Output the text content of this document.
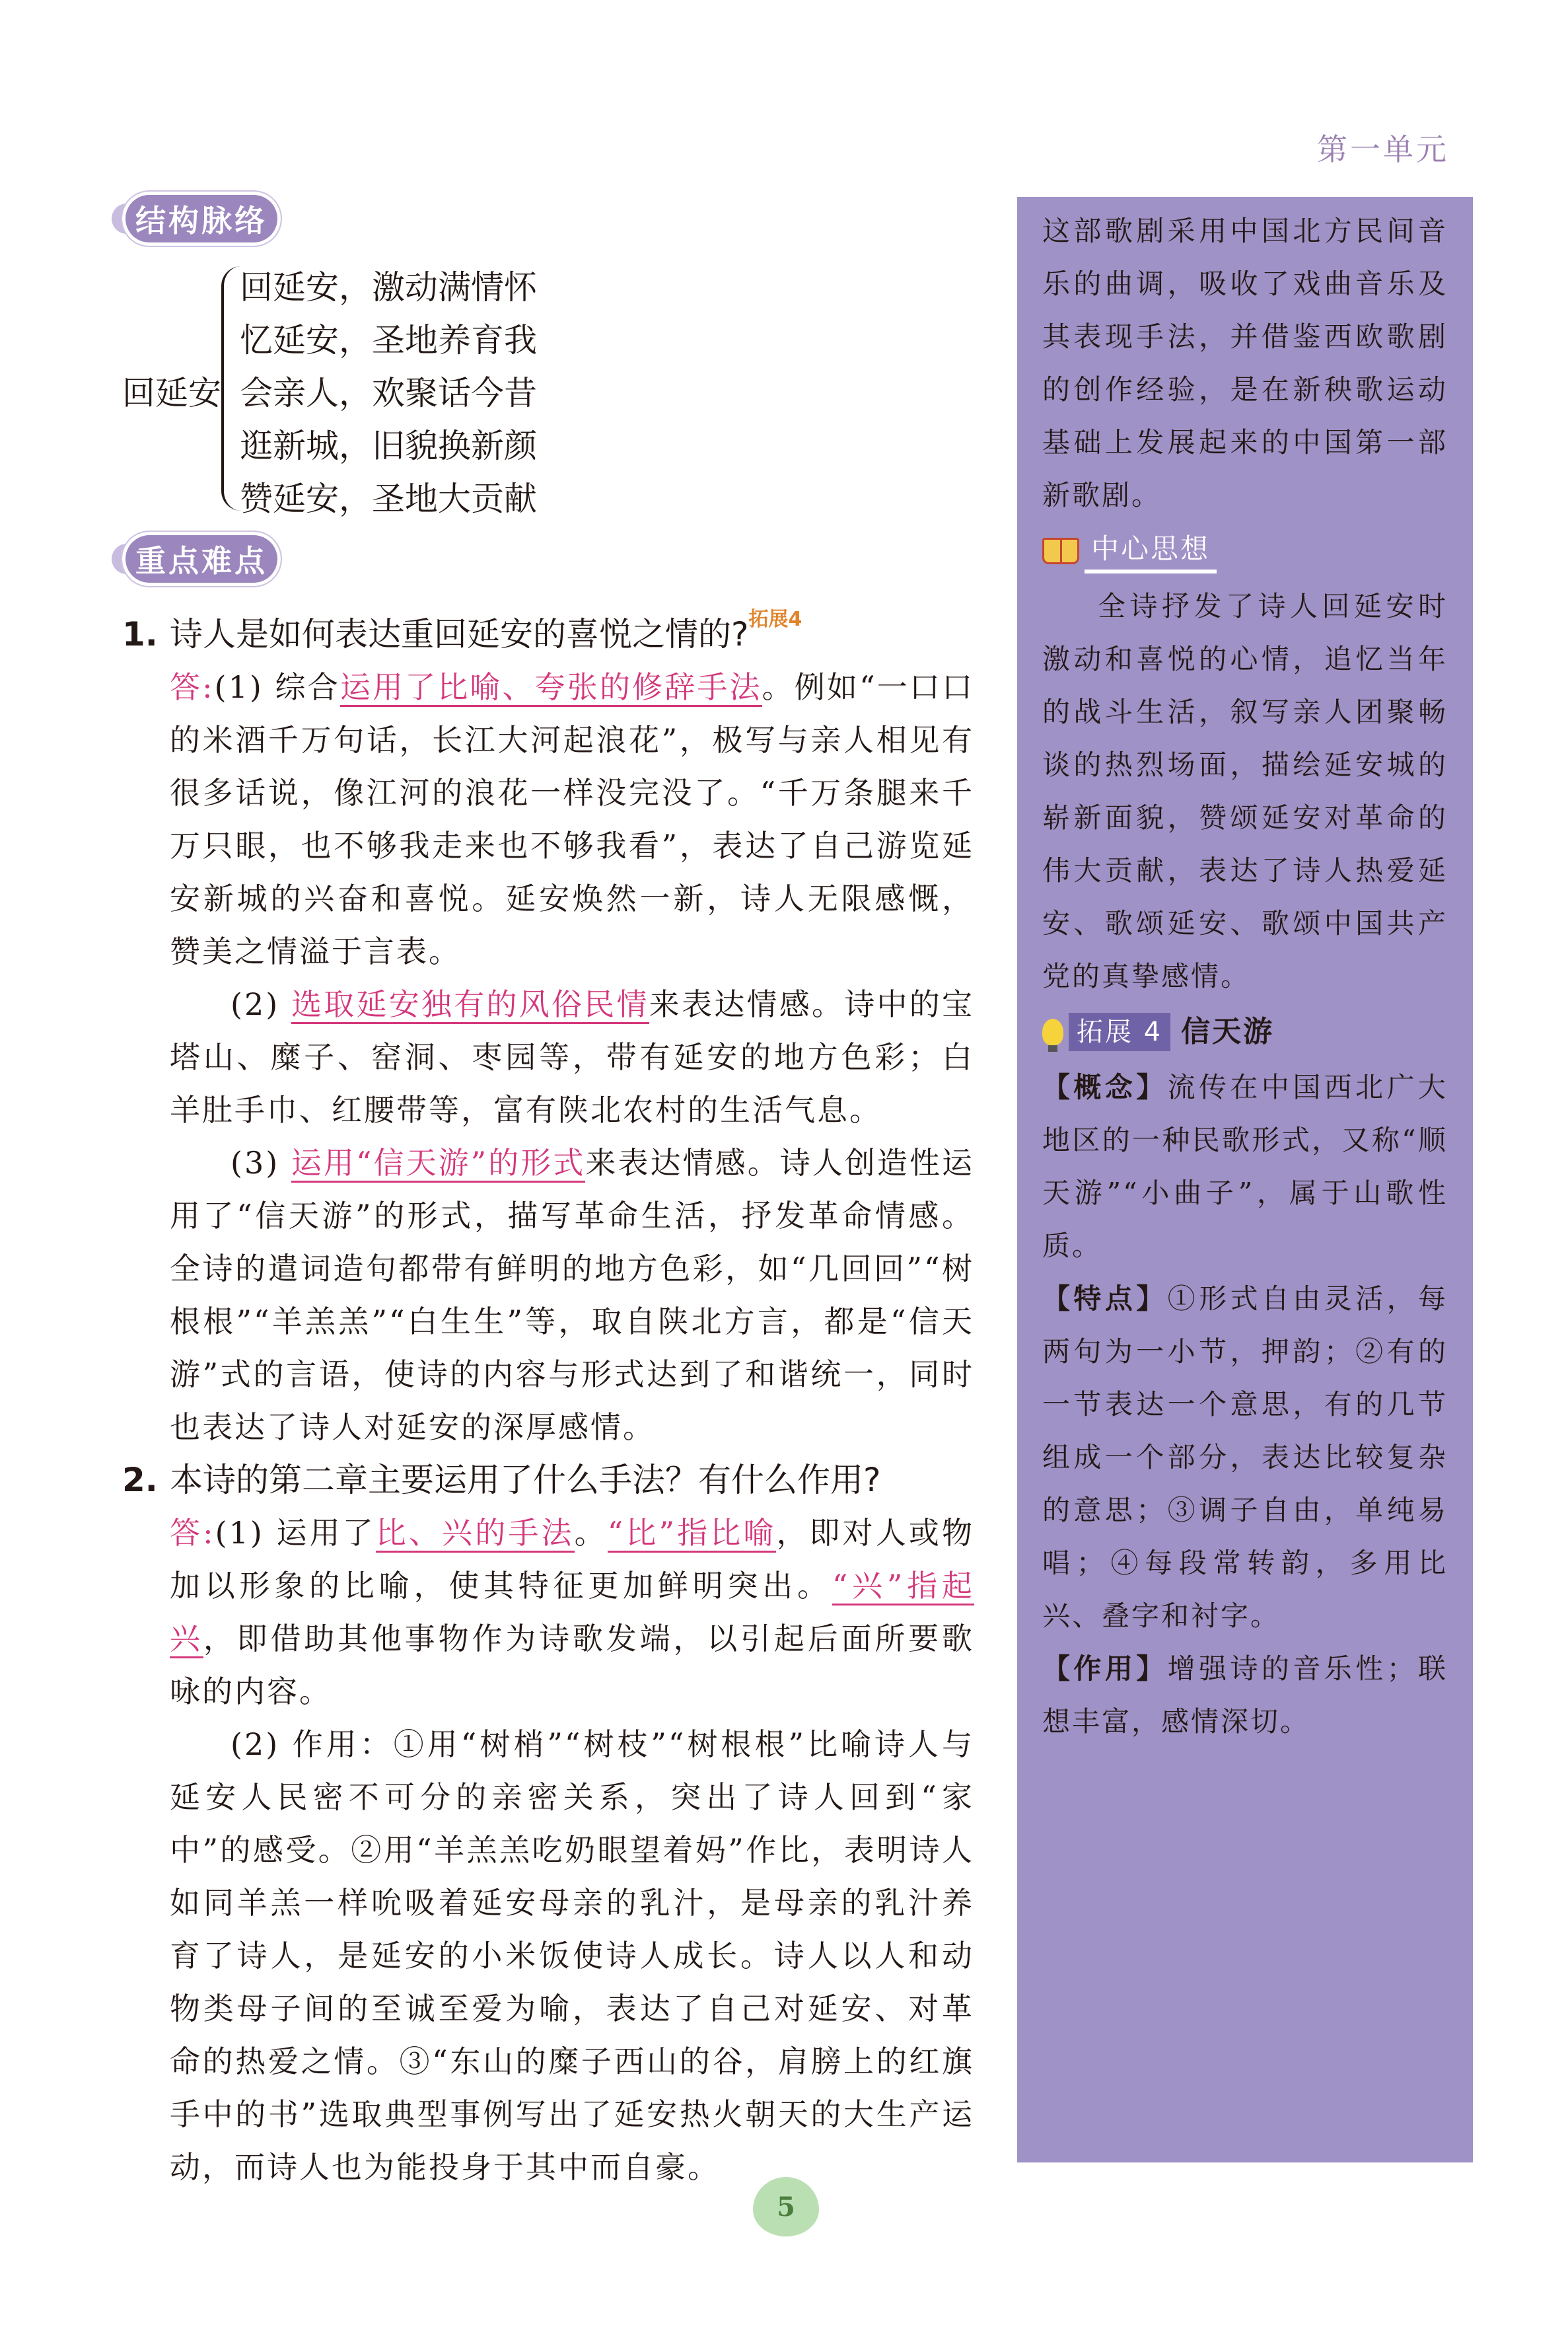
第一单元
结构脉络
回延安
回延安，激动满情怀
忆延安，圣地养育我
会亲人，欢聚话今昔
逛新城，旧貌换新颜
赞延安，圣地大贡献
重点难点
1. 诗人是如何表达重回延安的喜悦之情的?$^{拓展4}$

答:(1) 综合运用了比喻、夸张的修辞手法。例如“一口口的米酒千万句话，长江大河起浪花”，极写与亲人相见有很多话说，像江河的浪花一样没完没了。“千万条腿来千万只眼，也不够我走来也不够我看”，表达了自己游览延安新城的兴奋和喜悦。延安焕然一新，诗人无限感慨，赞美之情溢于言表。

(2) 选取延安独有的风俗民情来表达情感。诗中的宝塔山、糜子、窑洞、枣园等，带有延安的地方色彩；白羊肚手巾、红腰带等，富有陕北农村的生活气息。

(3) 运用“信天游”的形式来表达情感。诗人创造性运用了“信天游”的形式，描写革命生活，抒发革命情感。全诗的遣词造句都带有鲜明的地方色彩，如“几回回”“树根根”“羊羔羔”“白生生”等，取自陕北方言，都是“信天游”式的言语，使诗的内容与形式达到了和谐统一，同时也表达了诗人对延安的深厚感情。

2. 本诗的第二章主要运用了什么手法？有什么作用?

答:(1) 运用了比、兴的手法。“比”指比喻，即对人或物加以形象的比喻，使其特征更加鲜明突出。“兴”指起兴，即借助其他事物作为诗歌发端，以引起后面所要歌咏的内容。

(2) 作用：①用“树梢”“树枝”“树根根”比喻诗人与延安人民密不可分的亲密关系，突出了诗人回到“家中”的感受。②用“羊羔羔吃奶眼望着妈”作比，表明诗人如同羊羔一样吮吸着延安母亲的乳汁，是母亲的乳汁养育了诗人，是延安的小米饭使诗人成长。诗人以人和动物类母子间的至诚至爱为喻，表达了自己对延安、对革命的热爱之情。③“东山的糜子西山的谷，肩膀上的红旗手中的书”选取典型事例写出了延安热火朝天的大生产运动，而诗人也为能投身于其中而自豪。

这部歌剧采用中国北方民间音乐的曲调，吸收了戏曲音乐及其表现手法，并借鉴西欧歌剧的创作经验，是在新秧歌运动基础上发展起来的中国第一部新歌剧。

中心思想

全诗抒发了诗人回延安时激动和喜悦的心情，追忆当年的战斗生活，叙写亲人团聚畅谈的热烈场面，描绘延安城的崭新面貌，赞颂延安对革命的伟大贡献，表达了诗人热爱延安、歌颂延安、歌颂中国共产党的真挚感情。

拓展 4 信天游

【概念】流传在中国西北广大地区的一种民歌形式，又称“顺天游”“小曲子”，属于山歌性质。

【特点】①形式自由灵活，每两句为一小节，押韵；②有的一节表达一个意思，有的几节组成一个部分，表达比较复杂的意思；③调子自由，单纯易唱；④每段常转韵，多用比兴、叠字和衬字。

【作用】增强诗的音乐性；联想丰富，感情深切。

5
